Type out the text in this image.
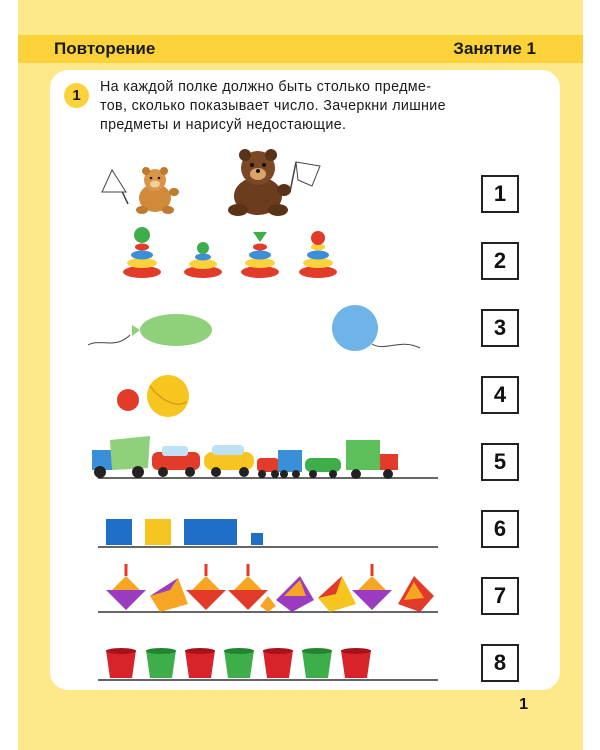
Повторение	Занятие 1
1	На каждой полке должно быть столько предме-
тов, сколько показывает число. Зачеркни лишние
предметы и нарисуй недостающие.
1
2
3
4
5
6
7
8
1
